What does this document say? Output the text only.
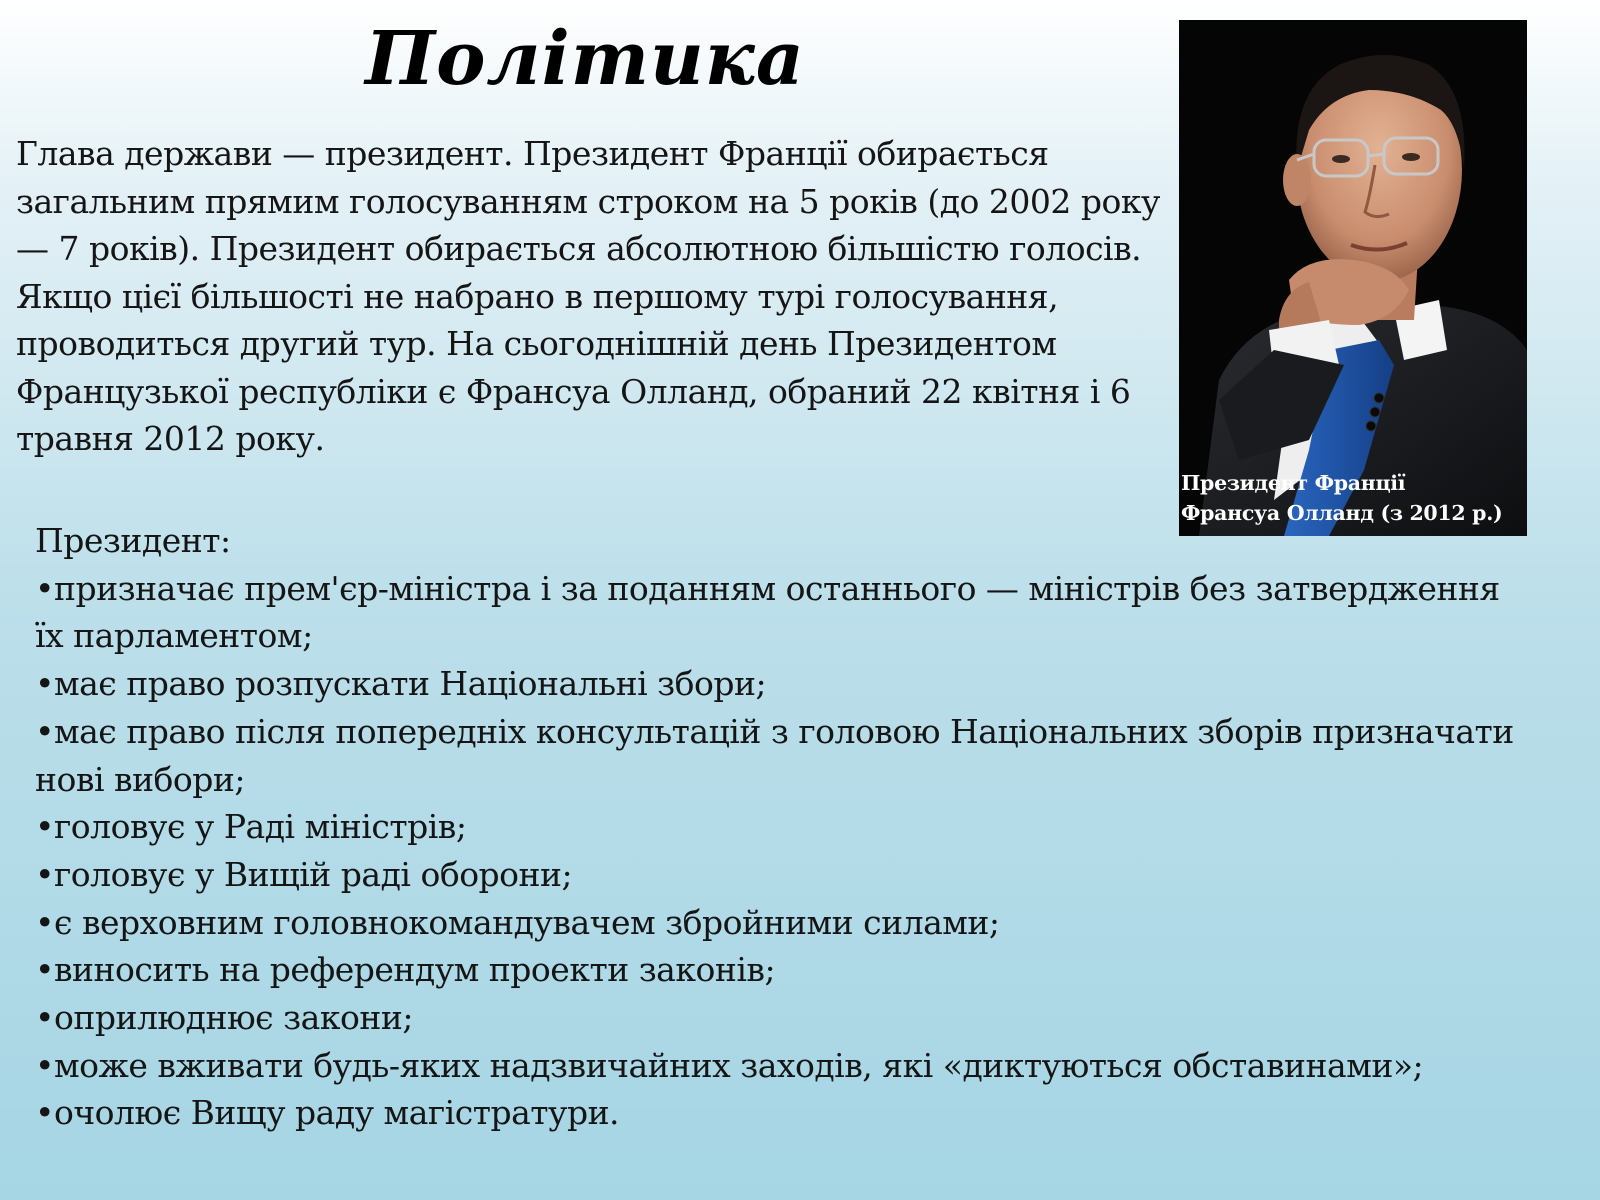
Політика

Глава держави — президент. Президент Франції обирається загальним прямим голосуванням строком на 5 років (до 2002 року — 7 років). Президент обирається абсолютною більшістю голосів. Якщо цієї більшості не набрано в першому турі голосування, проводиться другий тур. На сьогоднішній день Президентом Французької республіки є Франсуа Олланд, обраний 22 квітня і 6 травня 2012 року.

Президент Франції
Франсуа Олланд (з 2012 р.)
Президент:
•призначає прем'єр-міністра і за поданням останнього — міністрів без затвердження їх парламентом;
•має право розпускати Національні збори;
•має право після попередніх консультацій з головою Національних зборів призначати нові вибори;
•головує у Раді міністрів;
•головує у Вищій раді оборони;
•є верховним головнокомандувачем збройними силами;
•виносить на референдум проекти законів;
•оприлюднює закони;
•може вживати будь-яких надзвичайних заходів, які «диктуються обставинами»;
•очолює Вищу раду магістратури.
